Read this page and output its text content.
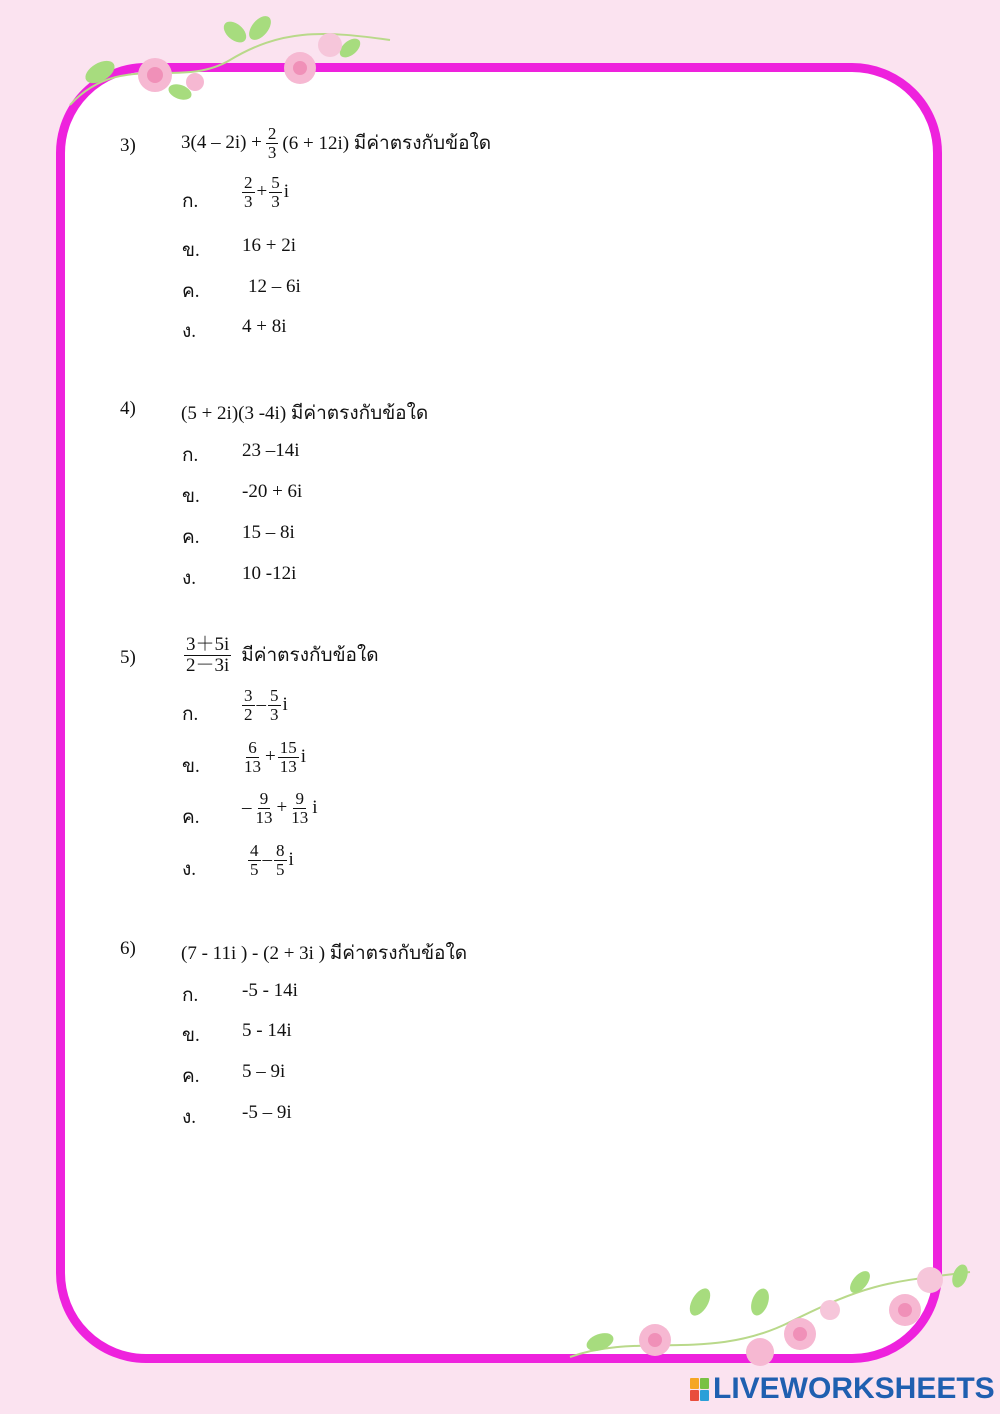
3) $3(4 - 2i) + \frac{2}{3} (6 + 12i)$ มีค่าตรงกับข้อใด
ก.	$\frac{2}{3} + \frac{5}{3}$ i
ข. 16 + 2i
ค.	12 – 6i
ง. 4 + 8i
4) (5 + 2i)(3 -4i) มีค่าตรงกับข้อใด
ก. 23 –14i
ข. -20 + 6i
ค. 15 – 8i
ง. 10 -12i
5)	$\frac{3+5i}{2-3i}$ มีค่าตรงกับข้อใด
ก.	$\frac{3}{2} - \frac{5}{3}$ i
ข. $\frac{6}{13} + \frac{15}{13}$ i
ค. – $\frac{9}{13} + \frac{9}{13}$ i
ง.	$\frac{4}{5} - \frac{8}{5}$ i
6) (7 - 11i ) - (2 + 3i ) มีค่าตรงกับข้อใด
ก. -5 - 14i
ข. 5 - 14i
ค. 5 – 9i
ง. -5 – 9i
LIVEWORKSHEETS
